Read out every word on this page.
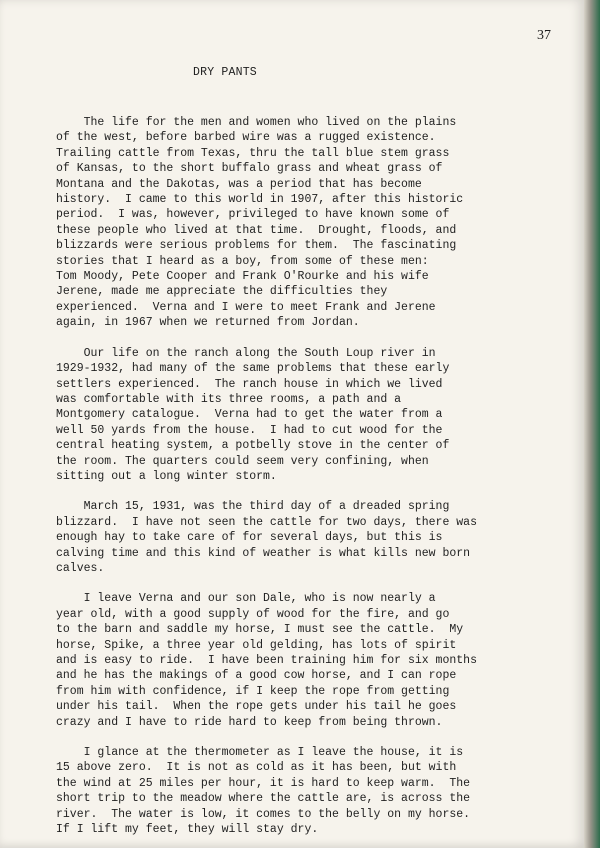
37
DRY PANTS
The life for the men and women who lived on the plains
of the west, before barbed wire was a rugged existence.
Trailing cattle from Texas, thru the tall blue stem grass
of Kansas, to the short buffalo grass and wheat grass of
Montana and the Dakotas, was a period that has become
history.  I came to this world in 1907, after this historic
period.  I was, however, privileged to have known some of
these people who lived at that time.  Drought, floods, and
blizzards were serious problems for them.  The fascinating
stories that I heard as a boy, from some of these men:
Tom Moody, Pete Cooper and Frank O'Rourke and his wife
Jerene, made me appreciate the difficulties they
experienced.  Verna and I were to meet Frank and Jerene
again, in 1967 when we returned from Jordan.
Our life on the ranch along the South Loup river in
1929-1932, had many of the same problems that these early
settlers experienced.  The ranch house in which we lived
was comfortable with its three rooms, a path and a
Montgomery catalogue.  Verna had to get the water from a
well 50 yards from the house.  I had to cut wood for the
central heating system, a potbelly stove in the center of
the room. The quarters could seem very confining, when
sitting out a long winter storm.
March 15, 1931, was the third day of a dreaded spring
blizzard.  I have not seen the cattle for two days, there was
enough hay to take care of for several days, but this is
calving time and this kind of weather is what kills new born
calves.
I leave Verna and our son Dale, who is now nearly a
year old, with a good supply of wood for the fire, and go
to the barn and saddle my horse, I must see the cattle.  My
horse, Spike, a three year old gelding, has lots of spirit
and is easy to ride.  I have been training him for six months
and he has the makings of a good cow horse, and I can rope
from him with confidence, if I keep the rope from getting
under his tail.  When the rope gets under his tail he goes
crazy and I have to ride hard to keep from being thrown.
I glance at the thermometer as I leave the house, it is
15 above zero.  It is not as cold as it has been, but with
the wind at 25 miles per hour, it is hard to keep warm.  The
short trip to the meadow where the cattle are, is across the
river.  The water is low, it comes to the belly on my horse.
If I lift my feet, they will stay dry.
